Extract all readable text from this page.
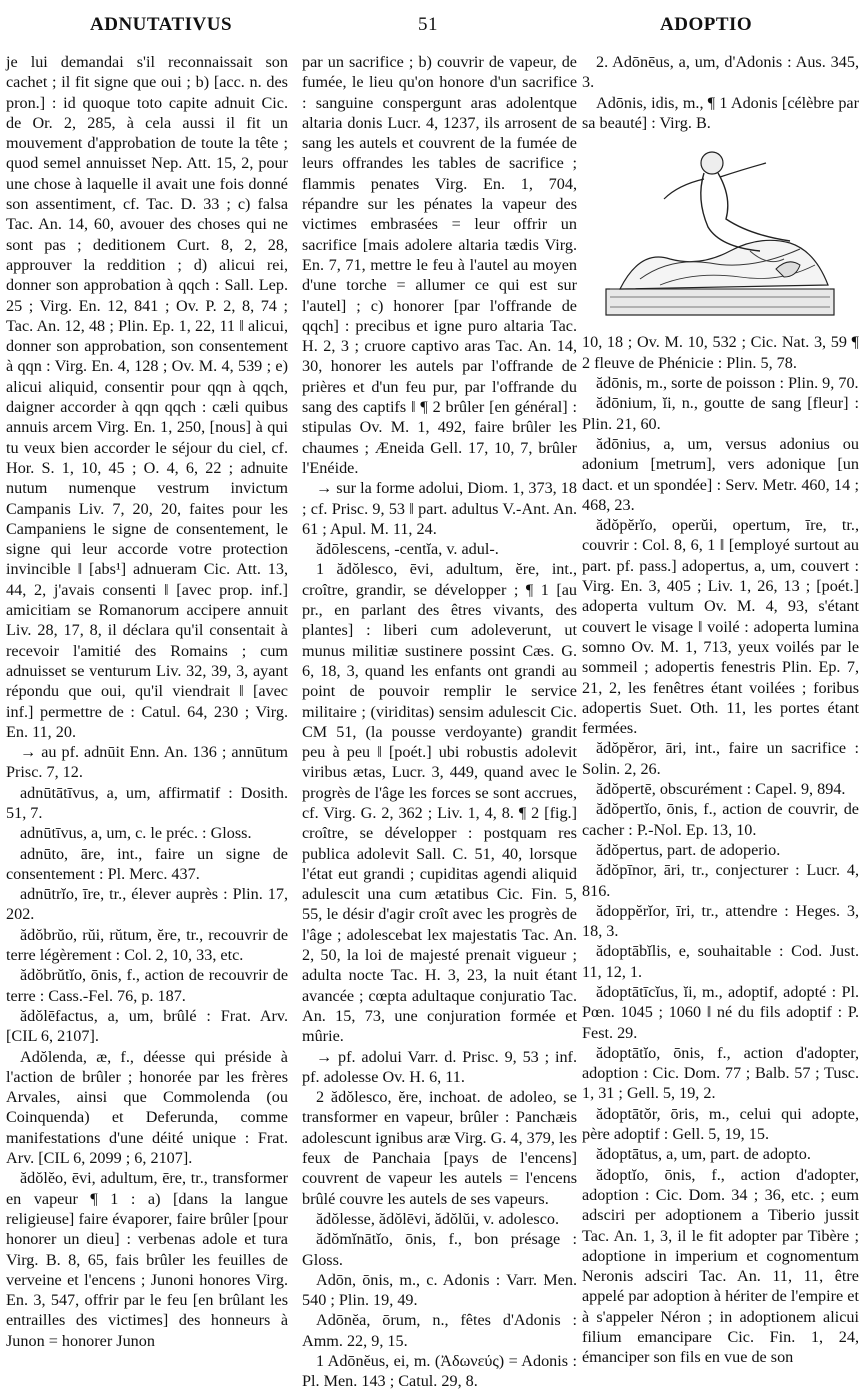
ADNUTATIVUS	51	ADOPTIO

je lui demandai s'il reconnaissait son cachet ; il fit signe que oui ; b) [acc. n. des pron.] : id quoque toto capite adnuit Cic. de Or. 2, 285, à cela aussi il fit un mouvement d'approbation de toute la tête ; quod semel annuisset Nep. Att. 15, 2, pour une chose à laquelle il avait une fois donné son assentiment, cf. Tac. D. 33 ; c) falsa Tac. An. 14, 60, avouer des choses qui ne sont pas ; deditionem Curt. 8, 2, 28, approuver la reddition ; d) alicui rei, donner son approbation à qqch : Sall. Lep. 25 ; Virg. En. 12, 841 ; Ov. P. 2, 8, 74 ; Tac. An. 12, 48 ; Plin. Ep. 1, 22, 11 ‖ alicui, donner son approbation, son consentement à qqn : Virg. En. 4, 128 ; Ov. M. 4, 539 ; e) alicui aliquid, consentir pour qqn à qqch, daigner accorder à qqn qqch : cæli quibus annuis arcem Virg. En. 1, 250, [nous] à qui tu veux bien accorder le séjour du ciel, cf. Hor. S. 1, 10, 45 ; O. 4, 6, 22 ; adnuite nutum numenque vestrum invictum Campanis Liv. 7, 20, 20, faites pour les Campaniens le signe de consentement, le signe qui leur accorde votre protection invincible ‖ [abs¹] adnueram Cic. Att. 13, 44, 2, j'avais consenti ‖ [avec prop. inf.] amicitiam se Romanorum accipere annuit Liv. 28, 17, 8, il déclara qu'il consentait à recevoir l'amitié des Romains ; cum adnuisset se venturum Liv. 32, 39, 3, ayant répondu que oui, qu'il viendrait ‖ [avec inf.] permettre de : Catul. 64, 230 ; Virg. En. 11, 20.

→ au pf. adnūit Enn. An. 136 ; annūtum Prisc. 7, 12.

adnūtātīvus, a, um, affirmatif : Dosith. 51, 7.

adnūtīvus, a, um, c. le préc. : Gloss.

adnūto, āre, int., faire un signe de consentement : Pl. Merc. 437.

adnūtrĭo, īre, tr., élever auprès : Plin. 17, 202.

ădŏbrŭo, rŭi, rŭtum, ĕre, tr., recouvrir de terre légèrement : Col. 2, 10, 33, etc.

ădŏbrŭtĭo, ōnis, f., action de recouvrir de terre : Cass.-Fel. 76, p. 187.

ădŏlēfactus, a, um, brûlé : Frat. Arv. [CIL 6, 2107].

Adŏlenda, æ, f., déesse qui préside à l'action de brûler ; honorée par les frères Arvales, ainsi que Commolenda (ou Coinquenda) et Deferunda, comme manifestations d'une déité unique : Frat. Arv. [CIL 6, 2099 ; 6, 2107].

ădŏlĕo, ēvi, adultum, ēre, tr., transformer en vapeur ¶ 1 : a) [dans la langue religieuse] faire évaporer, faire brûler [pour honorer un dieu] : verbenas adole et tura Virg. B. 8, 65, fais brûler les feuilles de verveine et l'encens ; Junoni honores Virg. En. 3, 547, offrir par le feu [en brûlant les entrailles des victimes] des honneurs à Junon = honorer Junon

par un sacrifice ; b) couvrir de vapeur, de fumée, le lieu qu'on honore d'un sacrifice : sanguine conspergunt aras adolentque altaria donis Lucr. 4, 1237, ils arrosent de sang les autels et couvrent de la fumée de leurs offrandes les tables de sacrifice ; flammis penates Virg. En. 1, 704, répandre sur les pénates la vapeur des victimes embrasées = leur offrir un sacrifice [mais adolere altaria tædis Virg. En. 7, 71, mettre le feu à l'autel au moyen d'une torche = allumer ce qui est sur l'autel] ; c) honorer [par l'offrande de qqch] : precibus et igne puro altaria Tac. H. 2, 3 ; cruore captivo aras Tac. An. 14, 30, honorer les autels par l'offrande de prières et d'un feu pur, par l'offrande du sang des captifs ‖ ¶ 2 brûler [en général] : stipulas Ov. M. 1, 492, faire brûler les chaumes ; Æneida Gell. 17, 10, 7, brûler l'Enéide.

→ sur la forme adolui, Diom. 1, 373, 18 ; cf. Prisc. 9, 53 ‖ part. adultus V.-Ant. An. 61 ; Apul. M. 11, 24.

ădōlescens, -centĭa, v. adul-.

1 ădŏlesco, ēvi, adultum, ĕre, int., croître, grandir, se développer ; ¶ 1 [au pr., en parlant des êtres vivants, des plantes] : liberi cum adoleverunt, ut munus militiæ sustinere possint Cæs. G. 6, 18, 3, quand les enfants ont grandi au point de pouvoir remplir le service militaire ; (viriditas) sensim adulescit Cic. CM 51, (la pousse verdoyante) grandit peu à peu ‖ [poét.] ubi robustis adolevit viribus ætas, Lucr. 3, 449, quand avec le progrès de l'âge les forces se sont accrues, cf. Virg. G. 2, 362 ; Liv. 1, 4, 8. ¶ 2 [fig.] croître, se développer : postquam res publica adolevit Sall. C. 51, 40, lorsque l'état eut grandi ; cupiditas agendi aliquid adulescit una cum ætatibus Cic. Fin. 5, 55, le désir d'agir croît avec les progrès de l'âge ; adolescebat lex majestatis Tac. An. 2, 50, la loi de majesté prenait vigueur ; adulta nocte Tac. H. 3, 23, la nuit étant avancée ; cœpta adultaque conjuratio Tac. An. 15, 73, une conjuration formée et mûrie.

→ pf. adolui Varr. d. Prisc. 9, 53 ; inf. pf. adolesse Ov. H. 6, 11.

2 ădŏlesco, ĕre, inchoat. de adoleo, se transformer en vapeur, brûler : Panchæis adolescunt ignibus aræ Virg. G. 4, 379, les feux de Panchaia [pays de l'encens] couvrent de vapeur les autels = l'encens brûlé couvre les autels de ses vapeurs.

ădŏlesse, ădŏlēvi, ădŏlŭi, v. adolesco.

ădŏmĭnātĭo, ōnis, f., bon présage : Gloss.

Adōn, ōnis, m., c. Adonis : Varr. Men. 540 ; Plin. 19, 49.

Adōnĕa, ōrum, n., fêtes d'Adonis : Amm. 22, 9, 15.

1 Adōnĕus, ei, m. (Ἀδωνεύς) = Adonis : Pl. Men. 143 ; Catul. 29, 8.

2. Adōnēus, a, um, d'Adonis : Aus. 345, 3.

Adōnis, idis, m., ¶ 1 Adonis [célèbre par sa beauté] : Virg. B.

10, 18 ; Ov. M. 10, 532 ; Cic. Nat. 3, 59 ¶ 2 fleuve de Phénicie : Plin. 5, 78.

ădōnis, m., sorte de poisson : Plin. 9, 70.

ădōnium, ĭi, n., goutte de sang [fleur] : Plin. 21, 60.

ădōnius, a, um, versus adonius ou adonium [metrum], vers adonique [un dact. et un spondée] : Serv. Metr. 460, 14 ; 468, 23.

ădŏpĕrĭo, operŭi, opertum, īre, tr., couvrir : Col. 8, 6, 1 ‖ [employé surtout au part. pf. pass.] adopertus, a, um, couvert : Virg. En. 3, 405 ; Liv. 1, 26, 13 ; [poét.] adoperta vultum Ov. M. 4, 93, s'étant couvert le visage ‖ voilé : adoperta lumina somno Ov. M. 1, 713, yeux voilés par le sommeil ; adopertis fenestris Plin. Ep. 7, 21, 2, les fenêtres étant voilées ; foribus adopertis Suet. Oth. 11, les portes étant fermées.

ădŏpĕror, āri, int., faire un sacrifice : Solin. 2, 26.

ădŏpertē, obscurément : Capel. 9, 894.

ădŏpertĭo, ōnis, f., action de couvrir, de cacher : P.-Nol. Ep. 13, 10.

ădŏpertus, part. de adoperio.

ădŏpīnor, āri, tr., conjecturer : Lucr. 4, 816.

ădoppĕrĭor, īri, tr., attendre : Heges. 3, 18, 3.

ădoptābĭlis, e, souhaitable : Cod. Just. 11, 12, 1.

ădoptātīcĭus, ĭi, m., adoptif, adopté : Pl. Pœn. 1045 ; 1060 ‖ né du fils adoptif : P. Fest. 29.

ădoptātĭo, ōnis, f., action d'adopter, adoption : Cic. Dom. 77 ; Balb. 57 ; Tusc. 1, 31 ; Gell. 5, 19, 2.

ădoptātŏr, ōris, m., celui qui adopte, père adoptif : Gell. 5, 19, 15.

ădoptātus, a, um, part. de adopto.

ădoptĭo, ōnis, f., action d'adopter, adoption : Cic. Dom. 34 ; 36, etc. ; eum adsciri per adoptionem a Tiberio jussit Tac. An. 1, 3, il le fit adopter par Tibère ; adoptione in imperium et cognomentum Neronis adsciri Tac. An. 11, 11, être appelé par adoption à hériter de l'empire et à s'appeler Néron ; in adoptionem alicui filium emancipare Cic. Fin. 1, 24, émanciper son fils en vue de son
